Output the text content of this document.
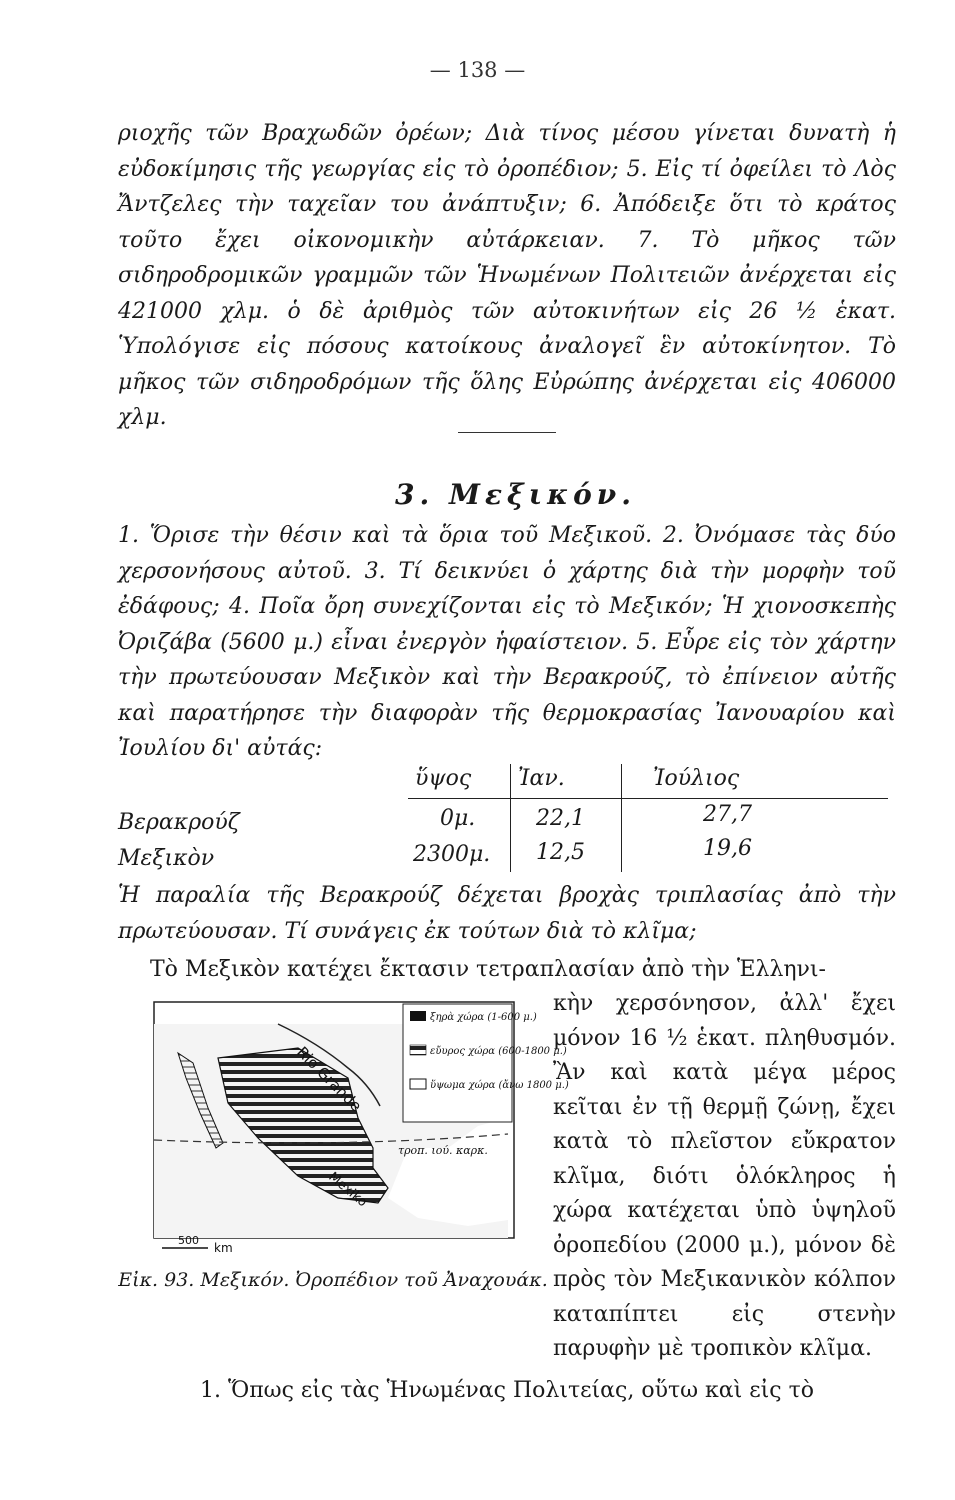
— 138 —
ριοχῆς τῶν Βραχωδῶν ὀρέων; Διὰ τίνος μέσου γίνεται δυνατὴ ἡ εὐδοκίμησις τῆς γεωργίας εἰς τὸ ὀροπέδιον; 5. Εἰς τί ὀφείλει τὸ Λὸς Ἄντζελες τὴν ταχεῖαν του ἀνάπτυξιν; 6. Ἀπόδειξε ὅτι τὸ κράτος τοῦτο ἔχει οἰκονομικὴν αὐτάρκειαν. 7. Τὸ μῆκος τῶν σιδηροδρομικῶν γραμμῶν τῶν Ἡνωμένων Πολιτειῶν ἀνέρχεται εἰς 421000 χλμ. ὁ δὲ ἀριθμὸς τῶν αὐτοκινήτων εἰς 26 ½ ἑκατ. Ὑπολόγισε εἰς πόσους κατοίκους ἀναλογεῖ ἓν αὐτοκίνητον. Τὸ μῆκος τῶν σιδηροδρόμων τῆς ὅλης Εὐρώπης ἀνέρχεται εἰς 406000 χλμ.
3. Μεξικόν.
1. Ὅρισε τὴν θέσιν καὶ τὰ ὅρια τοῦ Μεξικοῦ. 2. Ὀνόμασε τὰς δύο χερσονήσους αὐτοῦ. 3. Τί δεικνύει ὁ χάρτης διὰ τὴν μορφὴν τοῦ ἐδάφους; 4. Ποῖα ὄρη συνεχίζονται εἰς τὸ Μεξικόν; Ἡ χιονοσκεπὴς Ὀριζάβα (5600 μ.) εἶναι ἐνεργὸν ἡφαίστειον. 5. Εὗρε εἰς τὸν χάρτην τὴν πρωτεύουσαν Μεξικὸν καὶ τὴν Βερακρούζ, τὸ ἐπίνειον αὐτῆς καὶ παρατήρησε τὴν διαφορὰν τῆς θερμοκρασίας Ἰανουαρίου καὶ Ἰουλίου δι' αὐτάς:
ὕψος Ἰαν.	Ἰούλιος
Βερακρούζ	0μ.	22,1	27,7
Μεξικὸν	2300μ. 12,5	19,6
Ἡ παραλία τῆς Βερακρούζ δέχεται βροχὰς τριπλασίας ἀπὸ τὴν πρωτεύουσαν. Τί συνάγεις ἐκ τούτων διὰ τὸ κλῖμα;
Τὸ Μεξικὸν κατέχει ἔκτασιν τετραπλασίαν ἀπὸ τὴν Ἑλληνι-
κὴν χερσόνησον, ἀλλ' ἔχει μόνον 16 ½ ἑκατ. πληθυσμόν. Ἂν καὶ κατὰ μέγα μέρος κεῖται ἐν τῇ θερμῇ ζώνῃ, ἔχει κατὰ τὸ πλεῖστον εὔκρατον κλῖμα, διότι ὁλόκληρος ἡ χώρα κατέχεται ὑπὸ ὑψηλοῦ ὀροπεδίου (2000 μ.), μόνον δὲ πρὸς τὸν Μεξικανικὸν κόλπον καταπίπτει εἰς στενὴν παρυφὴν μὲ τροπικὸν κλῖμα.
Rio Grande
Mexiko
τροπ. ιού. καρκ.
ξηρὰ χώρα (1-600 μ.)
εὔυρος χώρα (600-1800 μ.)
ὕψωμα χώρα (ἄνω 1800 μ.)
500
km
Εἰκ. 93. Μεξικόν. Ὀροπέδιον τοῦ Ἀναχουάκ.
1. Ὅπως εἰς τὰς Ἡνωμένας Πολιτείας, οὕτω καὶ εἰς τὸ
